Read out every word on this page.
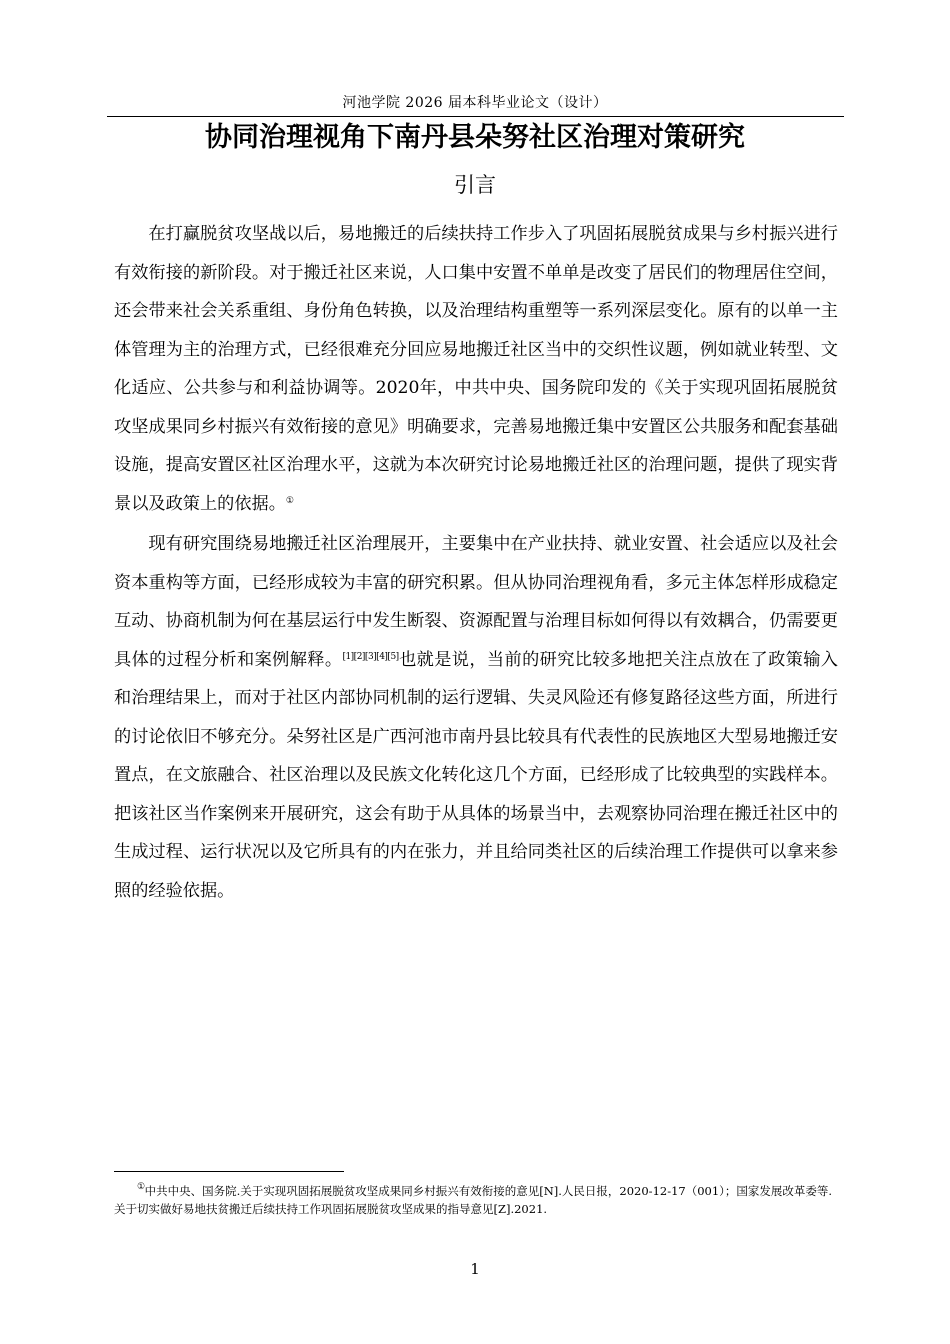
河池学院 2026 届本科毕业论文（设计）
协同治理视角下南丹县朵努社区治理对策研究
引言

在打赢脱贫攻坚战以后，易地搬迁的后续扶持工作步入了巩固拓展脱贫成果与乡村振兴进行有效衔接的新阶段。对于搬迁社区来说，人口集中安置不单单是改变了居民们的物理居住空间，还会带来社会关系重组、身份角色转换，以及治理结构重塑等一系列深层变化。原有的以单一主体管理为主的治理方式，已经很难充分回应易地搬迁社区当中的交织性议题，例如就业转型、文化适应、公共参与和利益协调等。2020年，中共中央、国务院印发的《关于实现巩固拓展脱贫攻坚成果同乡村振兴有效衔接的意见》明确要求，完善易地搬迁集中安置区公共服务和配套基础设施，提高安置区社区治理水平，这就为本次研究讨论易地搬迁社区的治理问题，提供了现实背景以及政策上的依据。①

现有研究围绕易地搬迁社区治理展开，主要集中在产业扶持、就业安置、社会适应以及社会资本重构等方面，已经形成较为丰富的研究积累。但从协同治理视角看，多元主体怎样形成稳定互动、协商机制为何在基层运行中发生断裂、资源配置与治理目标如何得以有效耦合，仍需要更具体的过程分析和案例解释。[1][2][3][4][5]也就是说，当前的研究比较多地把关注点放在了政策输入和治理结果上，而对于社区内部协同机制的运行逻辑、失灵风险还有修复路径这些方面，所进行的讨论依旧不够充分。朵努社区是广西河池市南丹县比较具有代表性的民族地区大型易地搬迁安置点，在文旅融合、社区治理以及民族文化转化这几个方面，已经形成了比较典型的实践样本。把该社区当作案例来开展研究，这会有助于从具体的场景当中，去观察协同治理在搬迁社区中的生成过程、运行状况以及它所具有的内在张力，并且给同类社区的后续治理工作提供可以拿来参照的经验依据。

①中共中央、国务院.关于实现巩固拓展脱贫攻坚成果同乡村振兴有效衔接的意见[N].人民日报，2020-12-17（001）；国家发展改革委等.关于切实做好易地扶贫搬迁后续扶持工作巩固拓展脱贫攻坚成果的指导意见[Z].2021.

1
